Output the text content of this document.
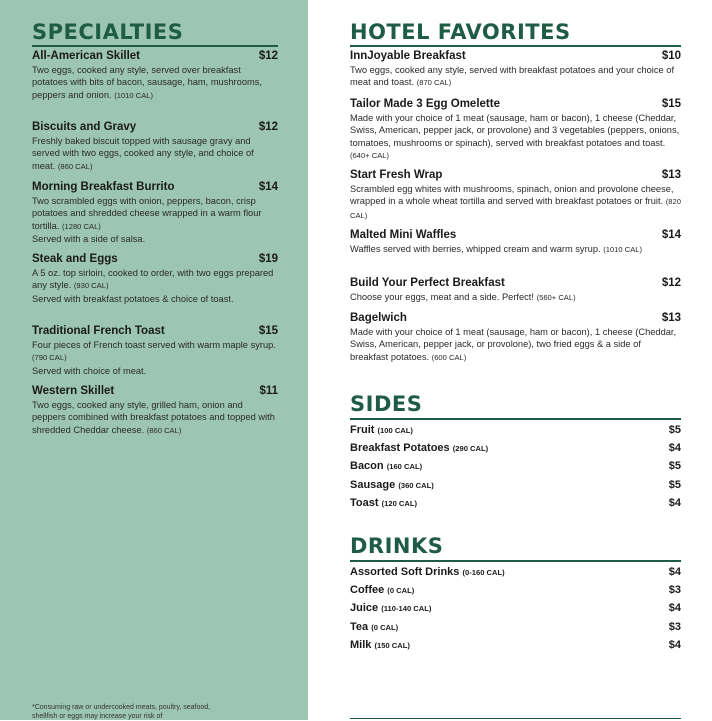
SPECIALTIES
All-American Skillet	$12
Two eggs, cooked any style, served over breakfast potatoes with bits of bacon, sausage, ham, mushrooms, peppers and onion. (1010 CAL)
Biscuits and Gravy	$12
Freshly baked biscuit topped with sausage gravy and served with two eggs, cooked any style, and choice of meat. (860 CAL)
Morning Breakfast Burrito	$14
Two scrambled eggs with onion, peppers, bacon, crisp potatoes and shredded cheese wrapped in a warm flour tortilla. (1280 CAL)
Served with a side of salsa.
Steak and Eggs	$19
A 5 oz. top sirloin, cooked to order, with two eggs prepared any style. (930 CAL)
Served with breakfast potatoes & choice of toast.
Traditional French Toast	$15
Four pieces of French toast served with warm maple syrup. (790 CAL)
Served with choice of meat.
Western Skillet	$11
Two eggs, cooked any style, grilled ham, onion and peppers combined with breakfast potatoes and topped with shredded Cheddar cheese. (860 CAL)
*Consuming raw or undercooked meats, poultry, seafood, shellfish or eggs may increase your risk of
HOTEL FAVORITES
InnJoyable Breakfast	$10
Two eggs, cooked any style, served with breakfast potatoes and your choice of meat and toast. (870 CAL)
Tailor Made 3 Egg Omelette	$15
Made with your choice of 1 meat (sausage, ham or bacon), 1 cheese (Cheddar, Swiss, American, pepper jack, or provolone) and 3 vegetables (peppers, onions, tomatoes, mushrooms or spinach), served with breakfast potatoes and toast. (640+ CAL)
Start Fresh Wrap	$13
Scrambled egg whites with mushrooms, spinach, onion and provolone cheese, wrapped in a whole wheat tortilla and served with breakfast potatoes or fruit. (820 CAL)
Malted Mini Waffles	$14
Waffles served with berries, whipped cream and warm syrup. (1010 CAL)
Build Your Perfect Breakfast	$12
Choose your eggs, meat and a side. Perfect! (560+ CAL)
Bagelwich	$13
Made with your choice of 1 meat (sausage, ham or bacon), 1 cheese (Cheddar, Swiss, American, pepper jack, or provolone), two fried eggs & a side of breakfast potatoes. (600 CAL)
SIDES
Fruit (100 CAL)	$5
Breakfast Potatoes (290 CAL)	$4
Bacon (160 CAL)	$5
Sausage (360 CAL)	$5
Toast (120 CAL)	$4
DRINKS
Assorted Soft Drinks (0-160 CAL)	$4
Coffee (0 CAL)	$3
Juice (110-140 CAL)	$4
Tea (0 CAL)	$3
Milk (150 CAL)	$4
